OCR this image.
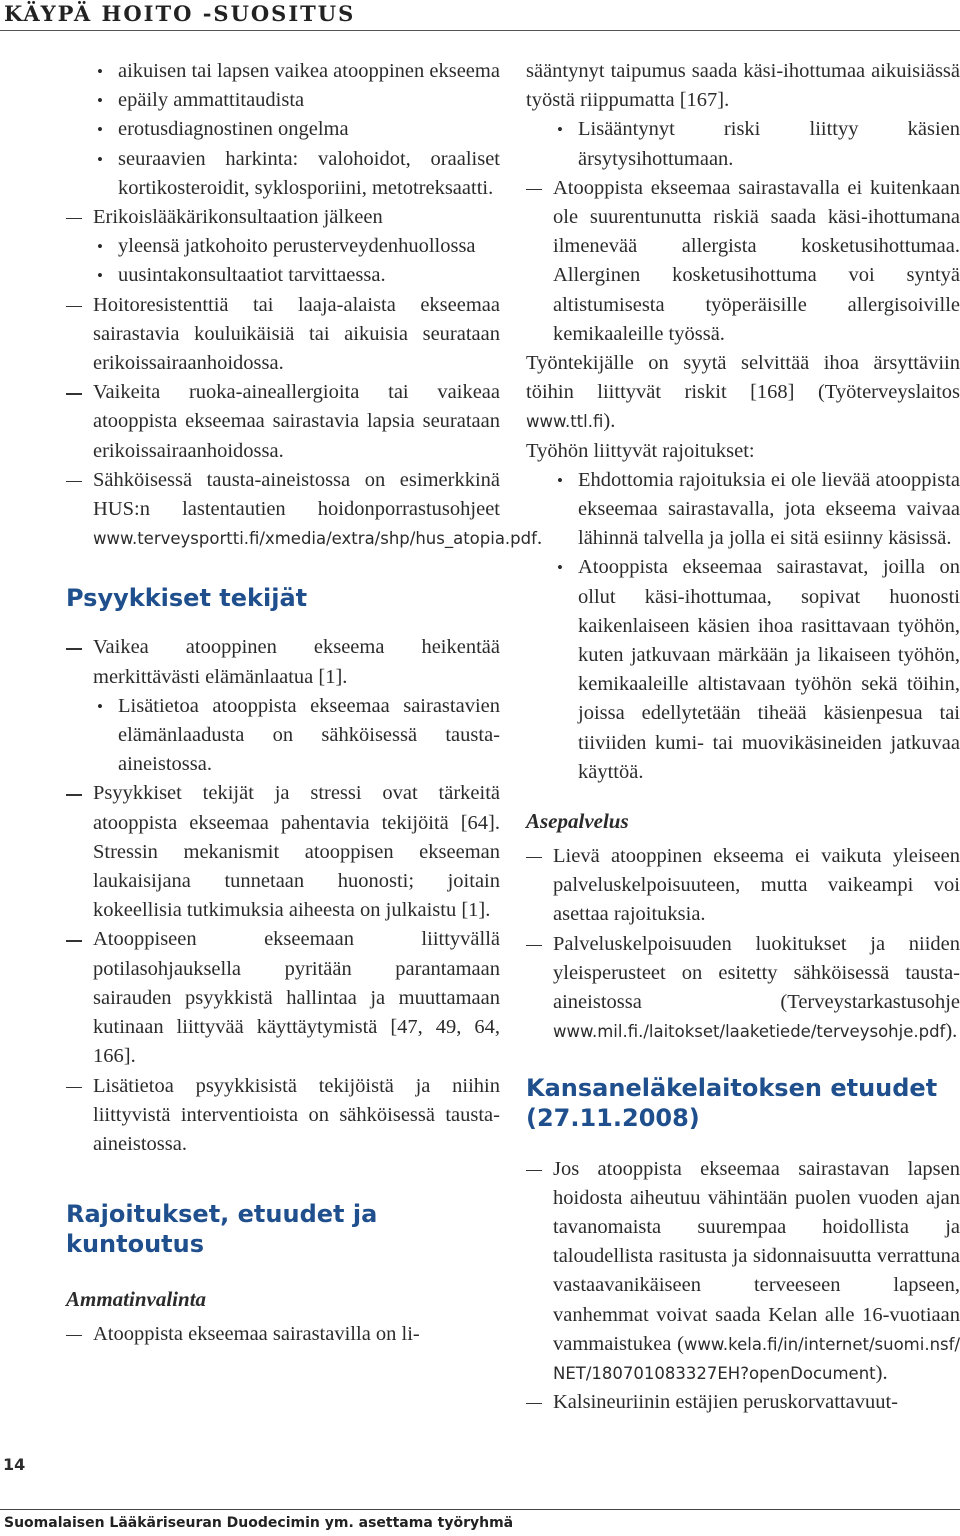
KÄYPÄ HOITO -SUOSITUS

• aikuisen tai lapsen vaikea atooppinen ekseema

• epäily ammattitaudista

• erotusdiagnostinen ongelma

• seuraavien harkinta: valohoidot, oraaliset kortikosteroidit, syklosporiini, metotreksaatti.

Erikoislääkärikonsultaation jälkeen

• yleensä jatkohoito perusterveydenhuollossa

• uusintakonsultaatiot tarvittaessa.

Hoitoresistenttiä tai laaja-alaista ekseemaa sairastavia kouluikäisiä tai aikuisia seurataan erikoissairaanhoidossa.

Vaikeita ruoka-aineallergioita tai vaikeaa atooppista ekseemaa sairastavia lapsia seurataan erikoissairaanhoidossa.

Sähköisessä tausta-aineistossa on esimerkkinä HUS:n lastentautien hoidonporrastusohjeet www.terveysportti.fi/xmedia/extra/shp/hus_atopia.pdf.

Psyykkiset tekijät

Vaikea atooppinen ekseema heikentää merkittävästi elämänlaatua [1].

• Lisätietoa atooppista ekseemaa sairastavien elämänlaadusta on sähköisessä tausta-aineistossa.

Psyykkiset tekijät ja stressi ovat tärkeitä atooppista ekseemaa pahentavia tekijöitä [64]. Stressin mekanismit atooppisen ekseeman laukaisijana tunnetaan huonosti; joitain kokeellisia tutkimuksia aiheesta on julkaistu [1].

Atooppiseen ekseemaan liittyvällä potilasohjauksella pyritään parantamaan sairauden psyykkistä hallintaa ja muuttamaan kutinaan liittyvää käyttäytymistä [47, 49, 64, 166].

Lisätietoa psyykkisistä tekijöistä ja niihin liittyvistä interventioista on sähköisessä tausta-aineistossa.

Rajoitukset, etuudet ja kuntoutus
Ammatinvalinta

Atooppista ekseemaa sairastavilla on li-

sääntynyt taipumus saada käsi-ihottumaa aikuisiässä työstä riippumatta [167].

• Lisääntynyt riski liittyy käsien ärsytysihottumaan.

Atooppista ekseemaa sairastavalla ei kuitenkaan ole suurentunutta riskiä saada käsi-ihottumana ilmenevää allergista kosketusihottumaa. Allerginen kosketusihottuma voi syntyä altistumisesta työperäisille allergisoiville kemikaaleille työssä.

Työntekijälle on syytä selvittää ihoa ärsyttäviin töihin liittyvät riskit [168] (Työterveyslaitos www.ttl.fi).

Työhön liittyvät rajoitukset:

• Ehdottomia rajoituksia ei ole lievää atooppista ekseemaa sairastavalla, jota ekseema vaivaa lähinnä talvella ja jolla ei sitä esiinny käsissä.

• Atooppista ekseemaa sairastavat, joilla on ollut käsi-ihottumaa, sopivat huonosti kaikenlaiseen käsien ihoa rasittavaan työhön, kuten jatkuvaan märkään ja likaiseen työhön, kemikaaleille altistavaan työhön sekä töihin, joissa edellytetään tiheää käsienpesua tai tiiviiden kumi- tai muovikäsineiden jatkuvaa käyttöä.

Asepalvelus

Lievä atooppinen ekseema ei vaikuta yleiseen palveluskelpoisuuteen, mutta vaikeampi voi asettaa rajoituksia.

Palveluskelpoisuuden luokitukset ja niiden yleisperusteet on esitetty sähköisessä tausta-aineistossa (Terveystarkastusohje www.mil.fi./laitokset/laaketiede/terveysohje.pdf).

Kansaneläkelaitoksen etuudet (27.11.2008)

Jos atooppista ekseemaa sairastavan lapsen hoidosta aiheutuu vähintään puolen vuoden ajan tavanomaista suurempaa hoidollista ja taloudellista rasitusta ja sidonnaisuutta verrattuna vastaavanikäiseen terveeseen lapseen, vanhemmat voivat saada Kelan alle 16-vuotiaan vammaistukea (www.kela.fi/in/internet/suomi.nsf/NET/180701083327EH?openDocument).

Kalsineuriinin estäjien peruskorvattavuut-

14
Suomalaisen Lääkäriseuran Duodecimin ym. asettama työryhmä
